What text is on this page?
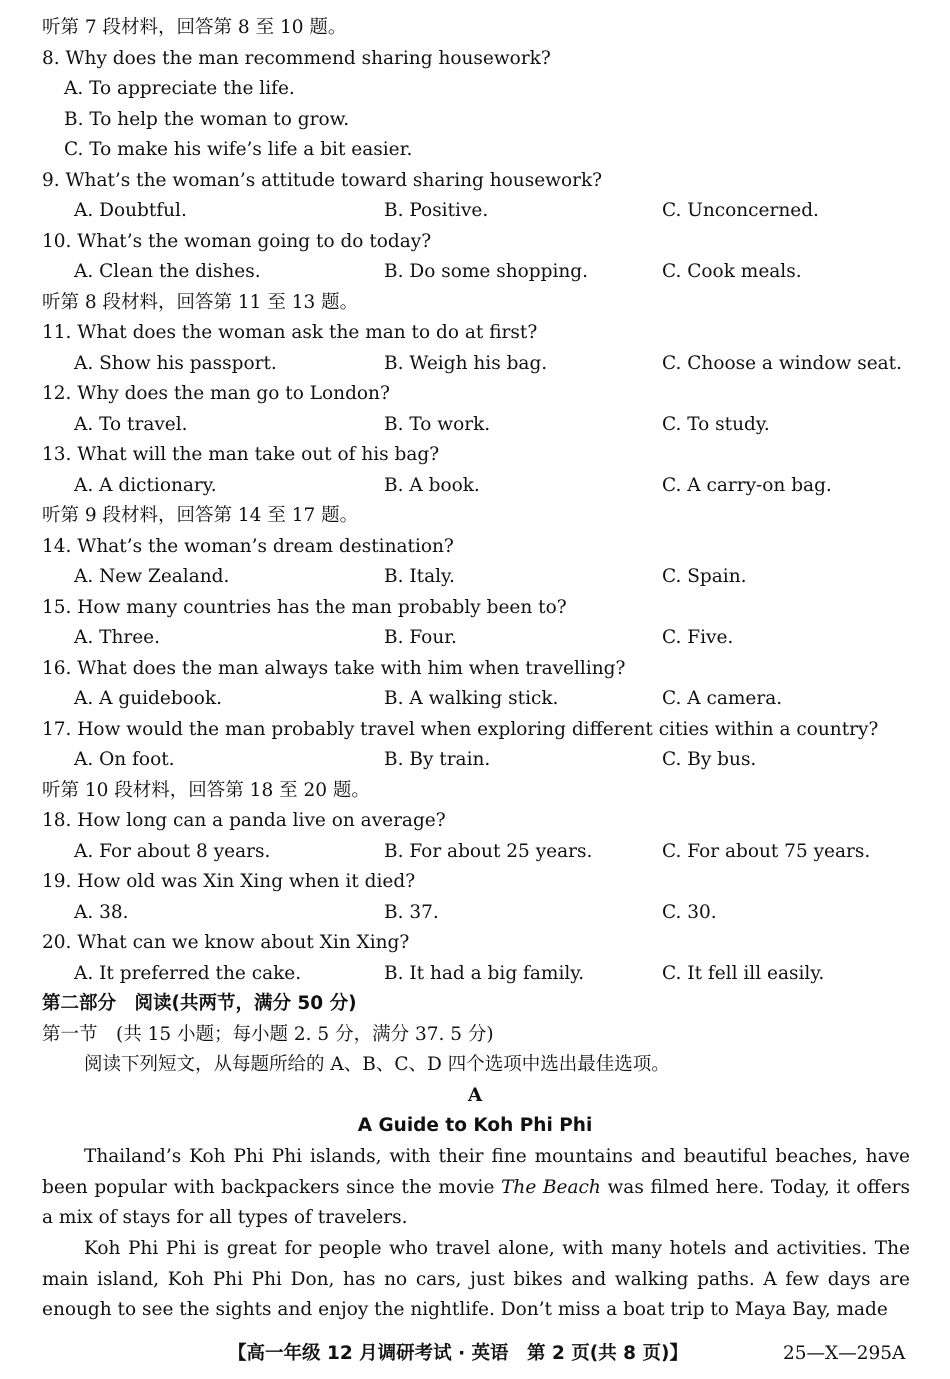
听第 7 段材料，回答第 8 至 10 题。
8. Why does the man recommend sharing housework?
A. To appreciate the life.
B. To help the woman to grow.
C. To make his wife’s life a bit easier.
9. What’s the woman’s attitude toward sharing housework?
A. Doubtful.	B. Positive.	C. Unconcerned.
10. What’s the woman going to do today?
A. Clean the dishes.	B. Do some shopping.	C. Cook meals.
听第 8 段材料，回答第 11 至 13 题。
11. What does the woman ask the man to do at first?
A. Show his passport.	B. Weigh his bag.	C. Choose a window seat.
12. Why does the man go to London?
A. To travel.	B. To work.	C. To study.
13. What will the man take out of his bag?
A. A dictionary.	B. A book.	C. A carry-on bag.
听第 9 段材料，回答第 14 至 17 题。
14. What’s the woman’s dream destination?
A. New Zealand.	B. Italy.	C. Spain.
15. How many countries has the man probably been to?
A. Three.	B. Four.	C. Five.
16. What does the man always take with him when travelling?
A. A guidebook.	B. A walking stick.	C. A camera.
17. How would the man probably travel when exploring different cities within a country?
A. On foot.	B. By train.	C. By bus.
听第 10 段材料，回答第 18 至 20 题。
18. How long can a panda live on average?
A. For about 8 years.	B. For about 25 years.	C. For about 75 years.
19. How old was Xin Xing when it died?
A. 38.	B. 37.	C. 30.
20. What can we know about Xin Xing?
A. It preferred the cake.	B. It had a big family.	C. It fell ill easily.
第二部分　阅读(共两节，满分 50 分)
第一节　(共 15 小题；每小题 2. 5 分，满分 37. 5 分)
阅读下列短文，从每题所给的 A、B、C、D 四个选项中选出最佳选项。
A
A Guide to Koh Phi Phi
Thailand’s Koh Phi Phi islands, with their fine mountains and beautiful beaches, have been popular with backpackers since the movie The Beach was filmed here. Today, it offers a mix of stays for all types of travelers.
Koh Phi Phi is great for people who travel alone, with many hotels and activities. The main island, Koh Phi Phi Don, has no cars, just bikes and walking paths. A few days are enough to see the sights and enjoy the nightlife. Don’t miss a boat trip to Maya Bay, made
【高一年级 12 月调研考试 · 英语　第 2 页(共 8 页)】	25—X—295A
